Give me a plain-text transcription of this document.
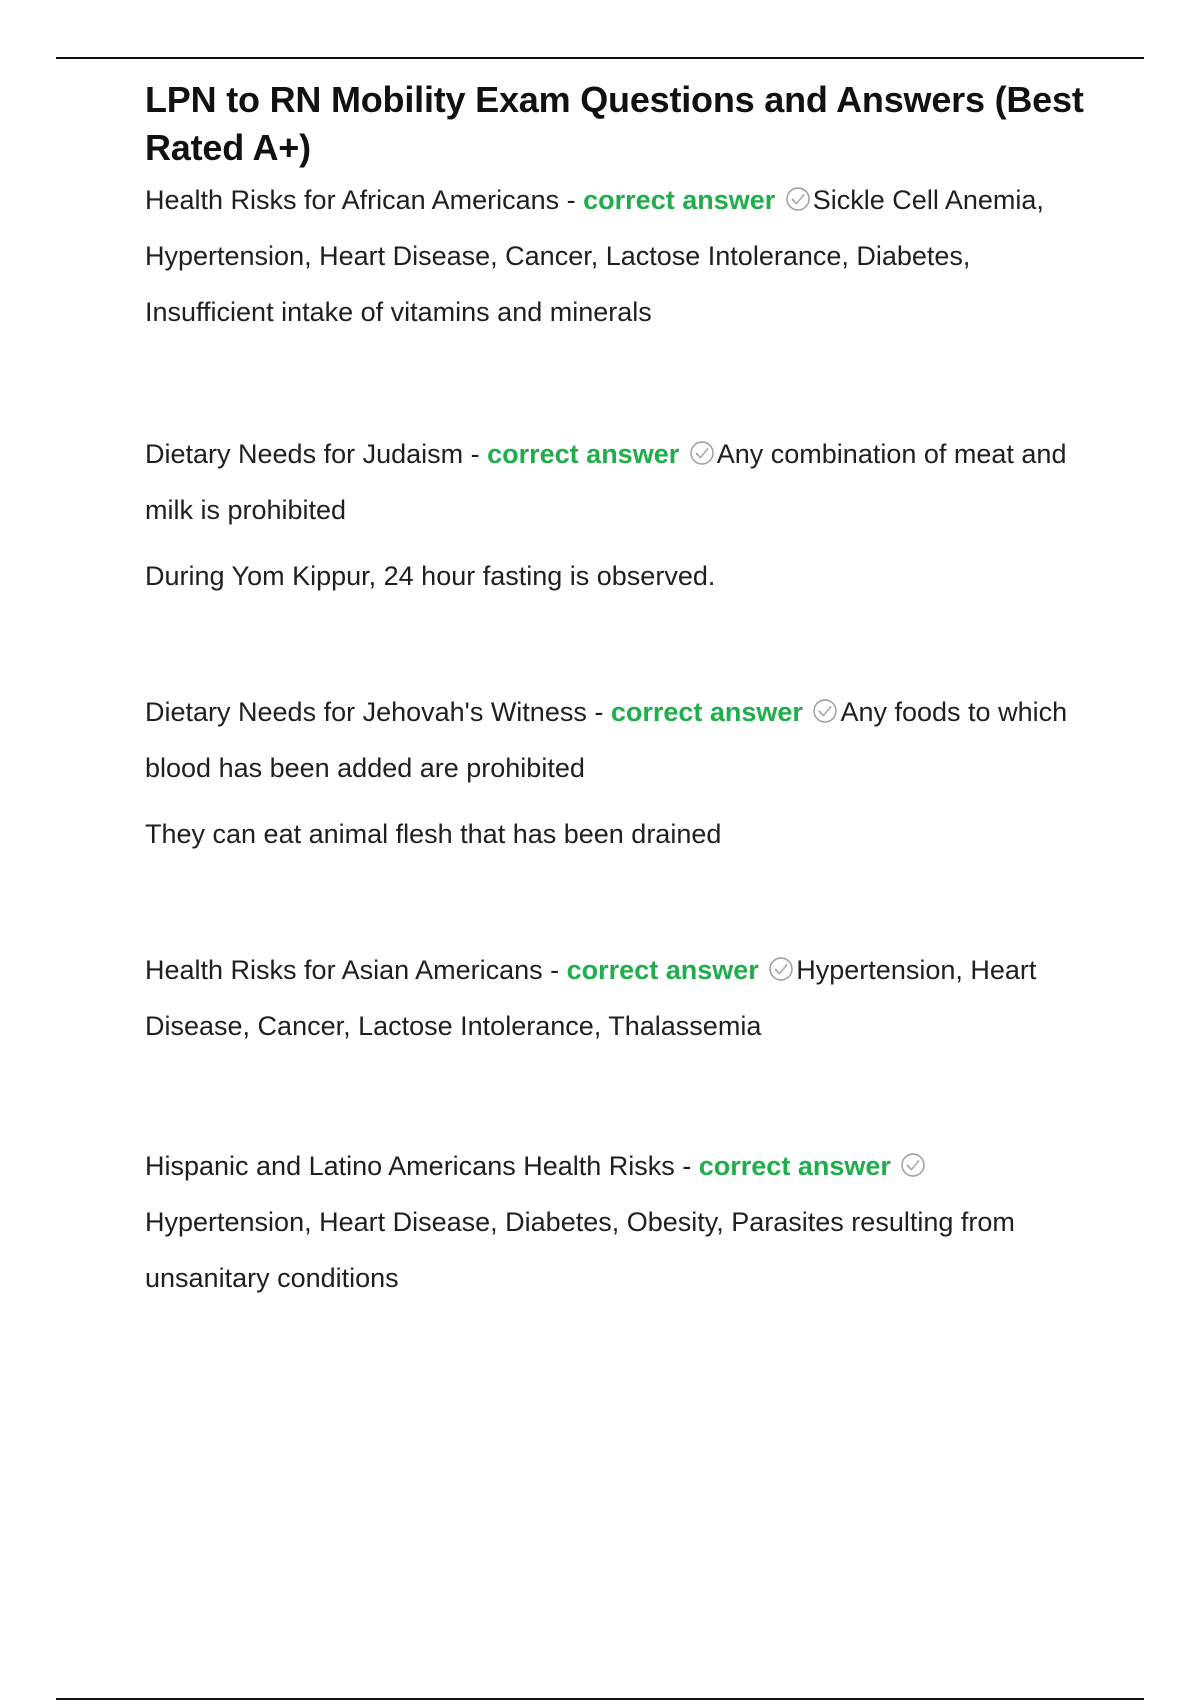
LPN to RN Mobility Exam Questions and Answers (Best Rated A+)

Health Risks for African Americans - correct answer Sickle Cell Anemia, Hypertension, Heart Disease, Cancer, Lactose Intolerance, Diabetes, Insufficient intake of vitamins and minerals

Dietary Needs for Judaism - correct answer Any combination of meat and milk is prohibited

During Yom Kippur, 24 hour fasting is observed.

Dietary Needs for Jehovah's Witness - correct answer Any foods to which blood has been added are prohibited

They can eat animal flesh that has been drained

Health Risks for Asian Americans - correct answer Hypertension, Heart Disease, Cancer, Lactose Intolerance, Thalassemia

Hispanic and Latino Americans Health Risks - correct answer
Hypertension, Heart Disease, Diabetes, Obesity, Parasites resulting from unsanitary conditions
